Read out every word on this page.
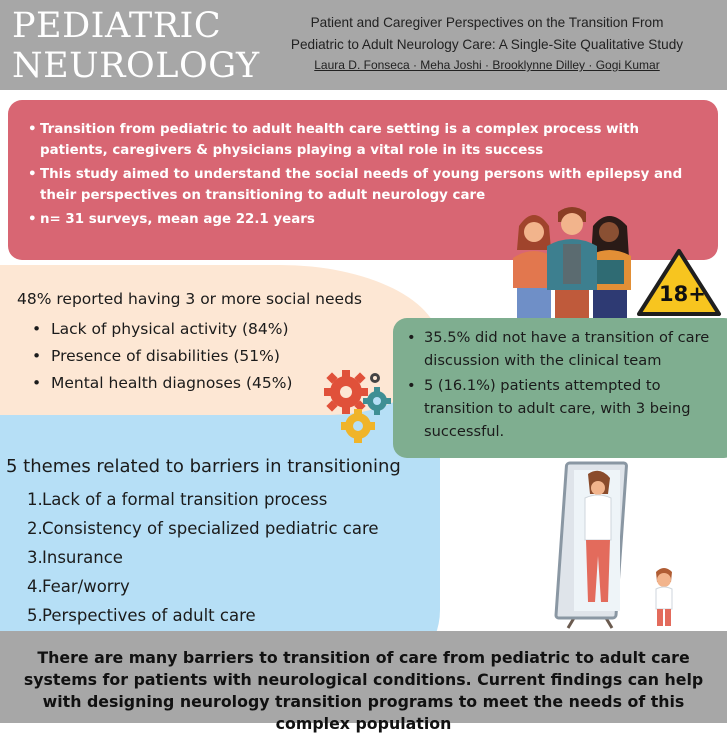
PEDIATRIC
NEUROLOGY
Patient and Caregiver Perspectives on the Transition From
Pediatric to Adult Neurology Care: A Single-Site Qualitative Study
Laura D. Fonseca · Meha Joshi · Brooklynne Dilley · Gogi Kumar
• Transition from pediatric to adult health care setting is a complex process with patients, caregivers & physicians playing a vital role in its success
• This study aimed to understand the social needs of young persons with epilepsy and their perspectives on transitioning to adult neurology care
• n= 31 surveys, mean age 22.1 years
18+
48% reported having 3 or more social needs
• Lack of physical activity (84%)
• Presence of disabilities (51%)
• Mental health diagnoses (45%)
• 35.5% did not have a transition of care discussion with the clinical team
• 5 (16.1%) patients attempted to transition to adult care, with 3 being successful.
5 themes related to barriers in transitioning
1.Lack of a formal transition process
2.Consistency of specialized pediatric care
3.Insurance
4.Fear/worry
5.Perspectives of adult care
There are many barriers to transition of care from pediatric to adult care systems for patients with neurological conditions. Current findings can help with designing neurology transition programs to meet the needs of this complex population
